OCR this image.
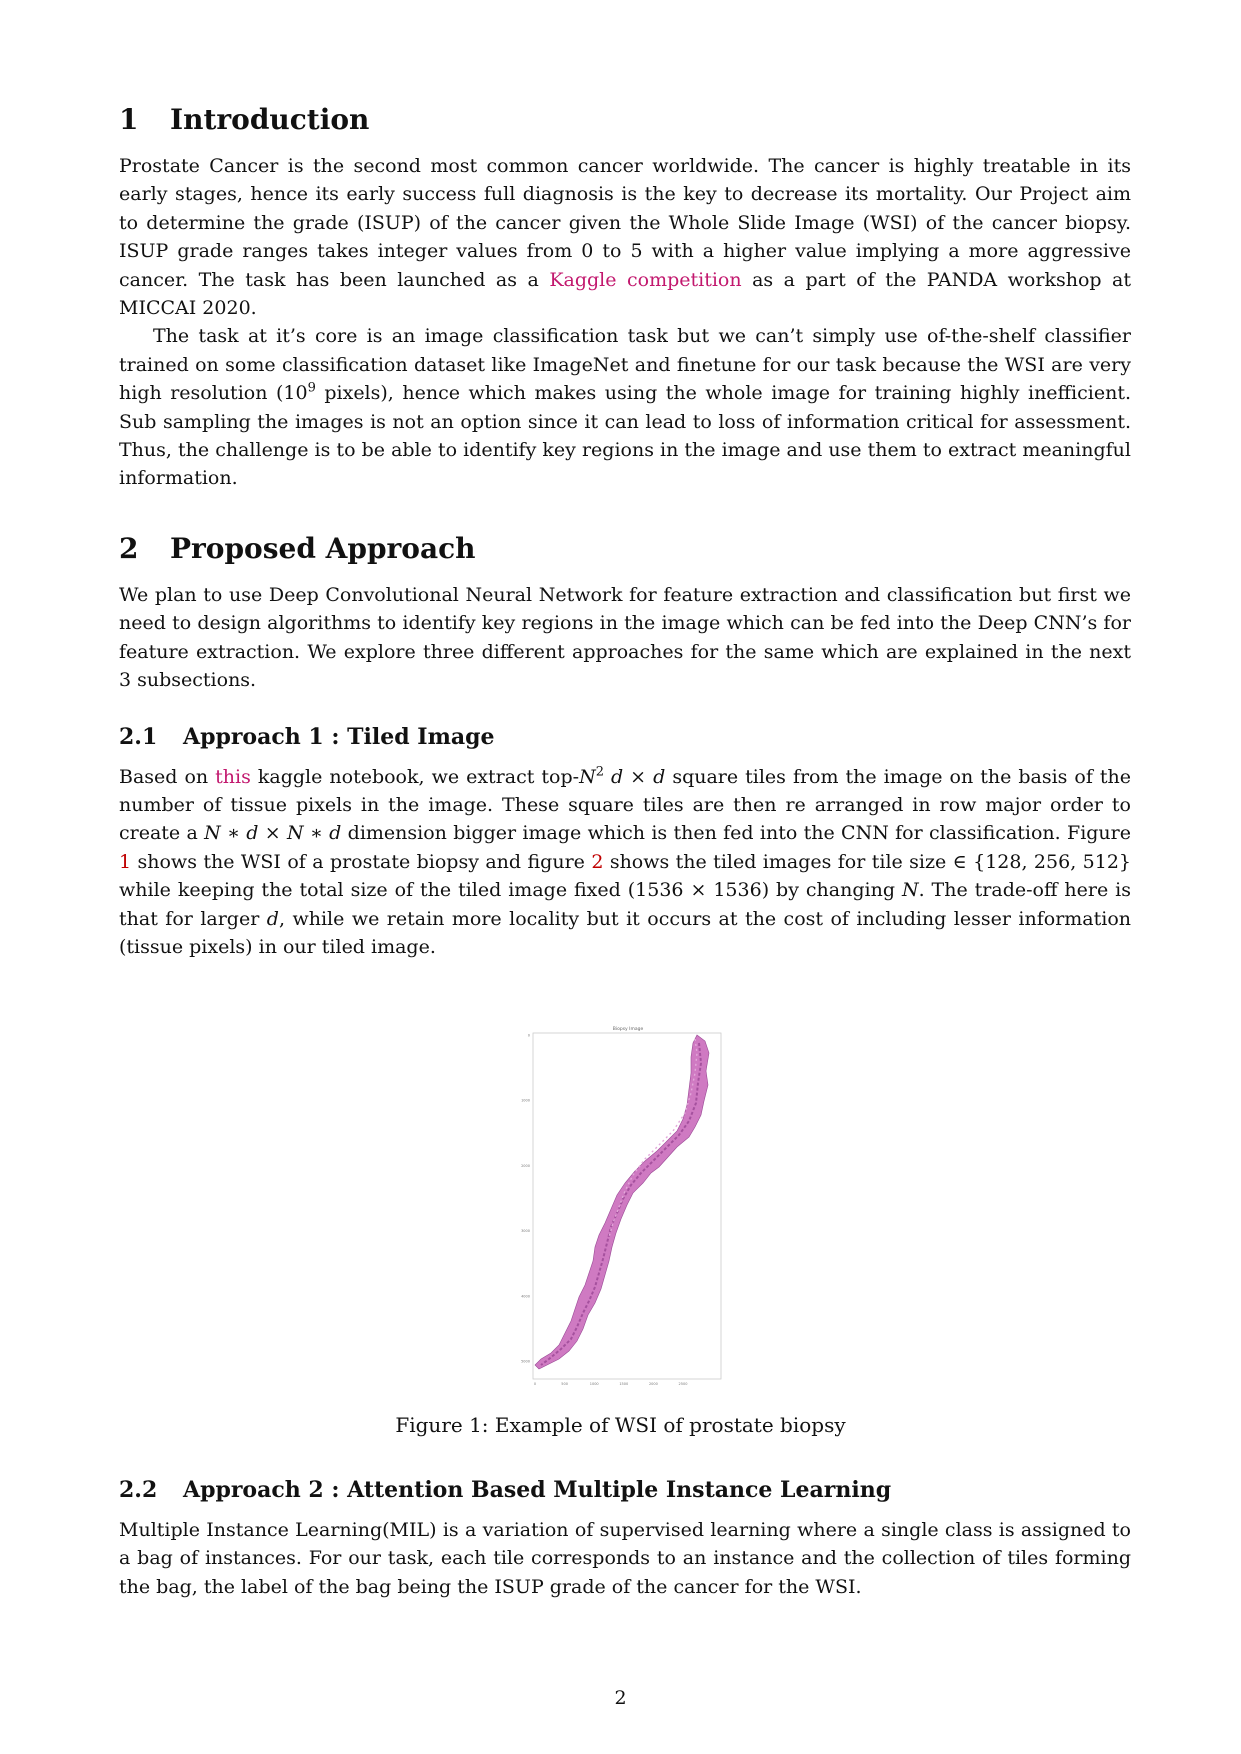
1 Introduction

Prostate Cancer is the second most common cancer worldwide. The cancer is highly treatable in its early stages, hence its early success full diagnosis is the key to decrease its mortality. Our Project aim to determine the grade (ISUP) of the cancer given the Whole Slide Image (WSI) of the cancer biopsy. ISUP grade ranges takes integer values from 0 to 5 with a higher value implying a more aggressive cancer. The task has been launched as a Kaggle competition as a part of the PANDA workshop at MICCAI 2020.

The task at it’s core is an image classification task but we can’t simply use of-the-shelf classifier trained on some classification dataset like ImageNet and finetune for our task because the WSI are very high resolution ($10^9$ pixels), hence which makes using the whole image for training highly inefficient. Sub sampling the images is not an option since it can lead to loss of information critical for assessment. Thus, the challenge is to be able to identify key regions in the image and use them to extract meaningful information.

2 Proposed Approach

We plan to use Deep Convolutional Neural Network for feature extraction and classification but first we need to design algorithms to identify key regions in the image which can be fed into the Deep CNN’s for feature extraction. We explore three different approaches for the same which are explained in the next 3 subsections.

2.1 Approach 1 : Tiled Image

Based on this kaggle notebook, we extract top-$N^2$ d × d square tiles from the image on the basis of the number of tissue pixels in the image. These square tiles are then re arranged in row major order to create a N ∗ d × N ∗ d dimension bigger image which is then fed into the CNN for classification. Figure 1 shows the WSI of a prostate biopsy and figure 2 shows the tiled images for tile size ∈ {128, 256, 512} while keeping the total size of the tiled image fixed (1536 × 1536) by changing N. The trade-off here is that for larger d, while we retain more locality but it occurs at the cost of including lesser information (tissue pixels) in our tiled image.

Biopsy Image
0
1000
2000
3000
4000
5000
0	500	1000	1500	2000	2500
Figure 1: Example of WSI of prostate biopsy
2.2 Approach 2 : Attention Based Multiple Instance Learning

Multiple Instance Learning(MIL) is a variation of supervised learning where a single class is assigned to a bag of instances. For our task, each tile corresponds to an instance and the collection of tiles forming the bag, the label of the bag being the ISUP grade of the cancer for the WSI.

2
